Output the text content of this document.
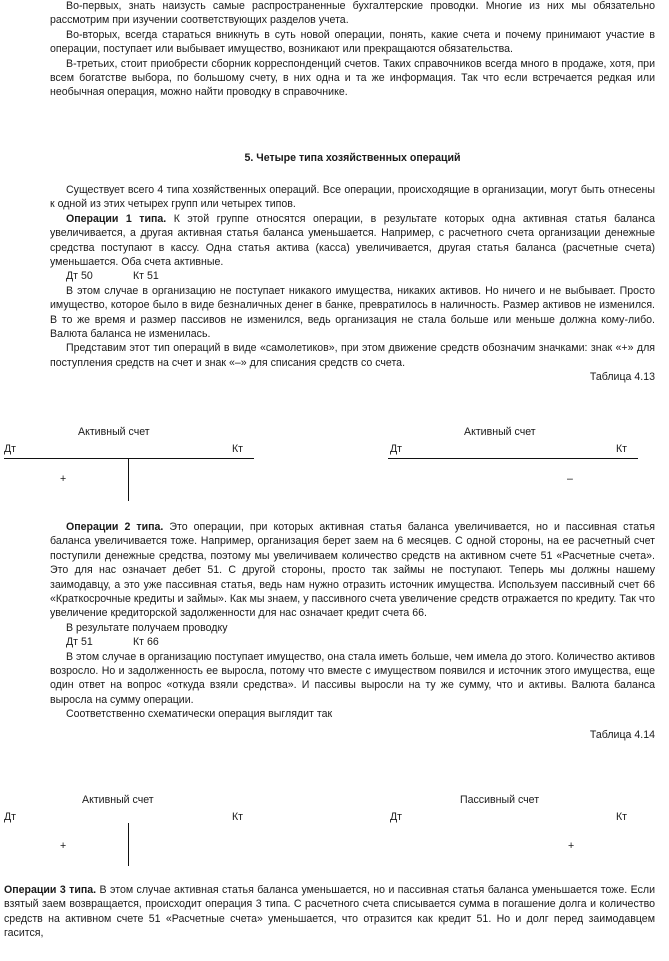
Во-первых, знать наизусть самые распространенные бухгалтерские проводки. Многие из них мы обязательно рассмотрим при изучении соответствующих разделов учета.

Во-вторых, всегда стараться вникнуть в суть новой операции, понять, какие счета и почему принимают участие в операции, поступает или выбывает имущество, возникают или прекращаются обязательства.

В-третьих, стоит приобрести сборник корреспонденций счетов. Таких справочников всегда много в продаже, хотя, при всем богатстве выбора, по большому счету, в них одна и та же информация. Так что если встречается редкая или необычная операция, можно найти проводку в справочнике.

5. Четыре типа хозяйственных операций

Существует всего 4 типа хозяйственных операций. Все операции, происходящие в организации, могут быть отнесены к одной из этих четырех групп или четырех типов.

Операции 1 типа. К этой группе относятся операции, в результате которых одна активная статья баланса увеличивается, а другая активная статья баланса уменьшается. Например, с расчетного счета организации денежные средства поступают в кассу. Одна статья актива (касса) увеличивается, другая статья баланса (расчетные счета) уменьшается. Оба счета активные.

Дт 50	Кт 51

В этом случае в организацию не поступает никакого имущества, никаких активов. Но ничего и не выбывает. Просто имущество, которое было в виде безналичных денег в банке, превратилось в наличность. Размер активов не изменился. В то же время и размер пассивов не изменился, ведь организация не стала больше или меньше должна кому-либо. Валюта баланса не изменилась.

Представим этот тип операций в виде «самолетиков», при этом движение средств обозначим значками: знак «+» для поступления средств на счет и знак «–» для списания средств со счета.

Таблица 4.13

Активный счет
Дт	Кт
+
Активный счет
Дт	Кт
–

Операции 2 типа. Это операции, при которых активная статья баланса увеличивается, но и пассивная статья баланса увеличивается тоже. Например, организация берет заем на 6 месяцев. С одной стороны, на ее расчетный счет поступили денежные средства, поэтому мы увеличиваем количество средств на активном счете 51 «Расчетные счета». Это для нас означает дебет 51. С другой стороны, просто так займы не поступают. Теперь мы должны нашему заимодавцу, а это уже пассивная статья, ведь нам нужно отразить источник имущества. Используем пассивный счет 66 «Краткосрочные кредиты и займы». Как мы знаем, у пассивного счета увеличение средств отражается по кредиту. Так что увеличение кредиторской задолженности для нас означает кредит счета 66.

В результате получаем проводку
Дт 51	Кт 66

В этом случае в организацию поступает имущество, она стала иметь больше, чем имела до этого. Количество активов возросло. Но и задолженность ее выросла, потому что вместе с имуществом появился и источник этого имущества, еще один ответ на вопрос «откуда взяли средства». И пассивы выросли на ту же сумму, что и активы. Валюта баланса выросла на сумму операции.

Соответственно схематически операция выглядит так

Таблица 4.14

Активный счет
Дт	Кт
+
Пассивный счет
Дт	Кт
+

Операции 3 типа. В этом случае активная статья баланса уменьшается, но и пассивная статья баланса уменьшается тоже. Если взятый заем возвращается, происходит операция 3 типа. С расчетного счета списывается сумма в погашение долга и количество средств на активном счете 51 «Расчетные счета» уменьшается, что отразится как кредит 51. Но и долг перед заимодавцем гасится,
